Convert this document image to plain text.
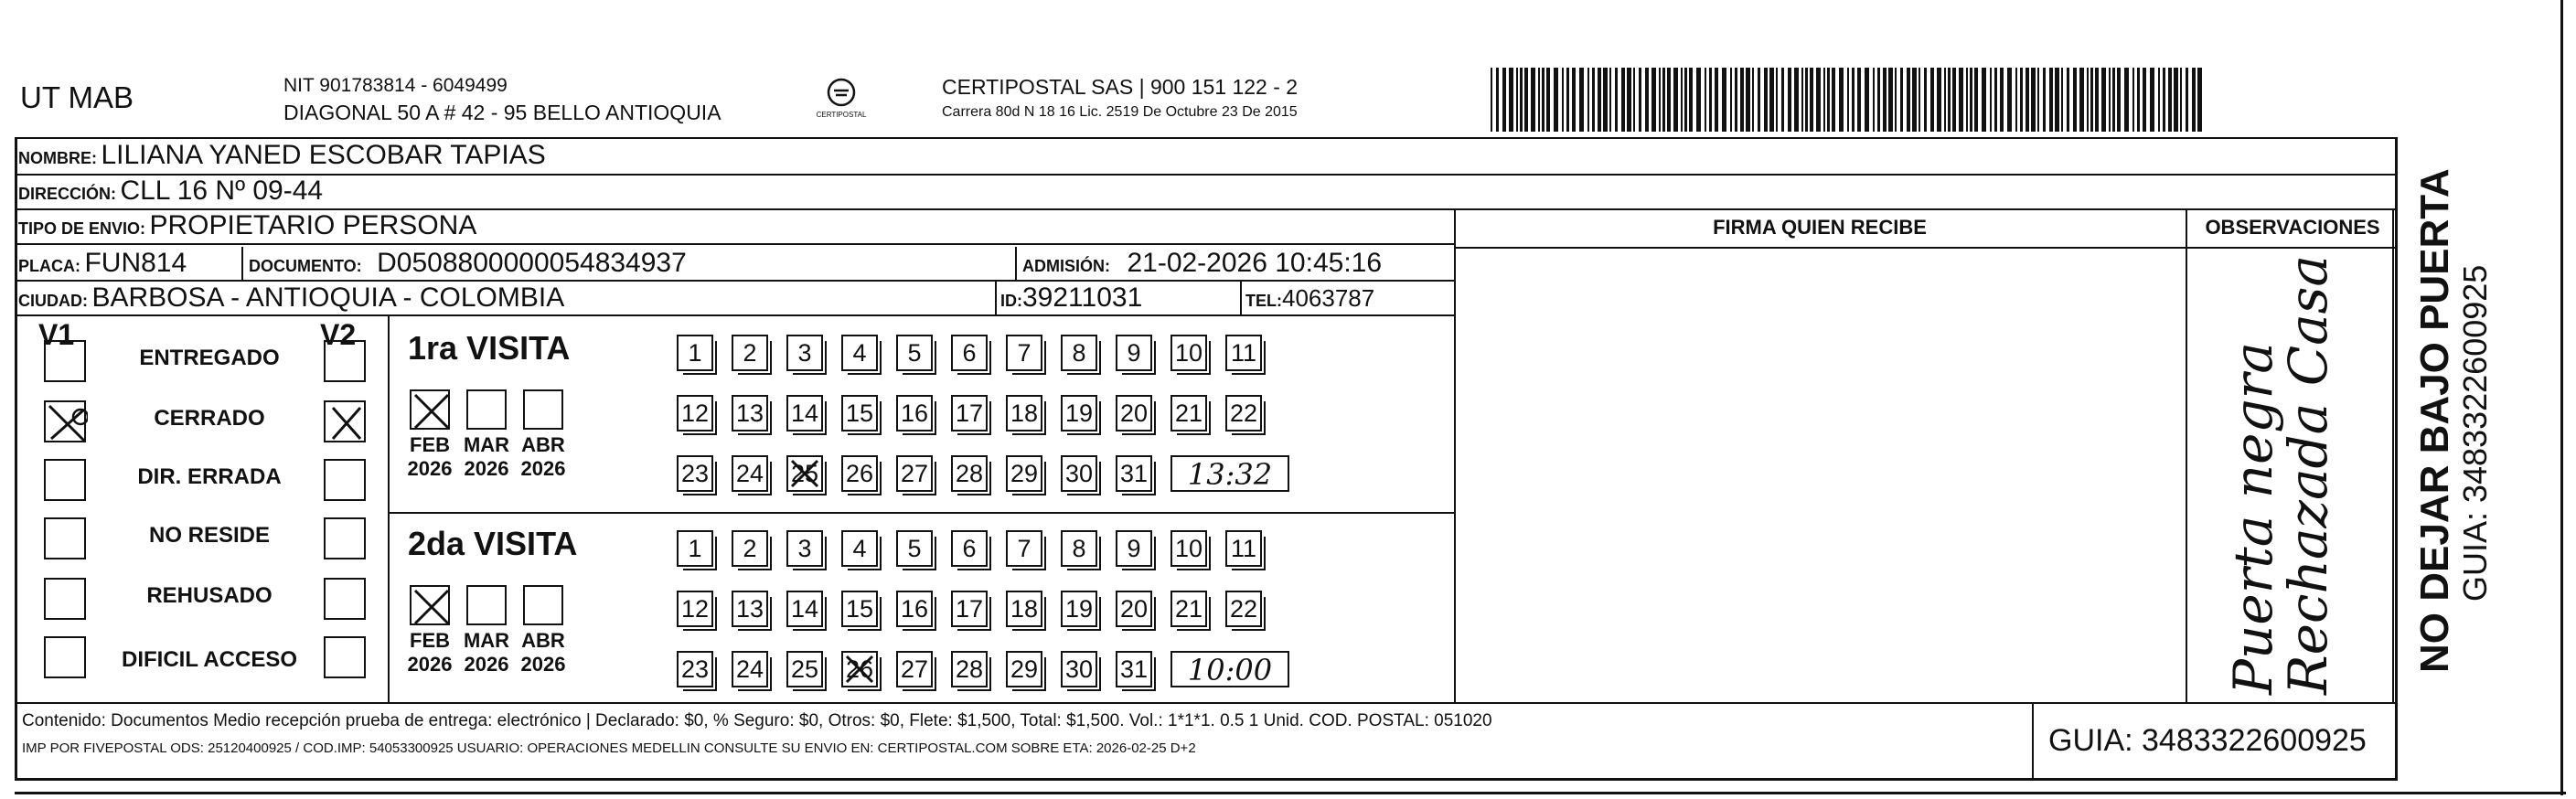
UT MAB	NIT 901783814 - 6049499
DIAGONAL 50 A # 42 - 95 BELLO ANTIOQUIA	CERTIPOSTAL
CERTIPOSTAL SAS | 900 151 122 - 2
Carrera 80d N 18 16 Lic. 2519 De Octubre 23 De 2015
NOMBRE: LILIANA YANED ESCOBAR TAPIAS
DIRECCIÓN: CLL 16 Nº 09-44
TIPO DE ENVIO: PROPIETARIO PERSONA	FIRMA QUIEN RECIBE	OBSERVACIONES
Puerta negra
Rechazada Casa
PLACA: FUN814	DOCUMENTO: D0508800000054834937	ADMISIÓN: 21-02-2026 10:45:16
CIUDAD: BARBOSA - ANTIOQUIA - COLOMBIA	ID:39211031	TEL:4063787
V1	V2
ENTREGADO
CERRADO
DIR. ERRADA
NO RESIDE
REHUSADO
DIFICIL ACCESO
1ra VISITA
FEB
2026
MAR
2026
ABR
2026
1	2	3	4	5	6	7	8	9	10 11
12 13 14 15 16 17 18 19 20 21 22
23 24 25 26 27 28 29 30 31	13:32
2da VISITA
FEB
2026
MAR
2026
ABR
2026
1	2	3	4	5	6	7	8	9	10 11
12 13 14 15 16 17 18 19 20 21 22
23 24 25 26 27 28 29 30 31	10:00
Contenido: Documentos Medio recepción prueba de entrega: electrónico | Declarado: $0, % Seguro: $0, Otros: $0, Flete: $1,500, Total: $1,500. Vol.: 1*1*1. 0.5 1 Unid. COD. POSTAL: 051020
IMP POR FIVEPOSTAL ODS: 25120400925 / COD.IMP: 54053300925 USUARIO: OPERACIONES MEDELLIN CONSULTE SU ENVIO EN: CERTIPOSTAL.COM SOBRE ETA: 2026-02-25 D+2	GUIA: 3483322600925
NO DEJAR BAJO PUERTA GUIA: 3483322600925
